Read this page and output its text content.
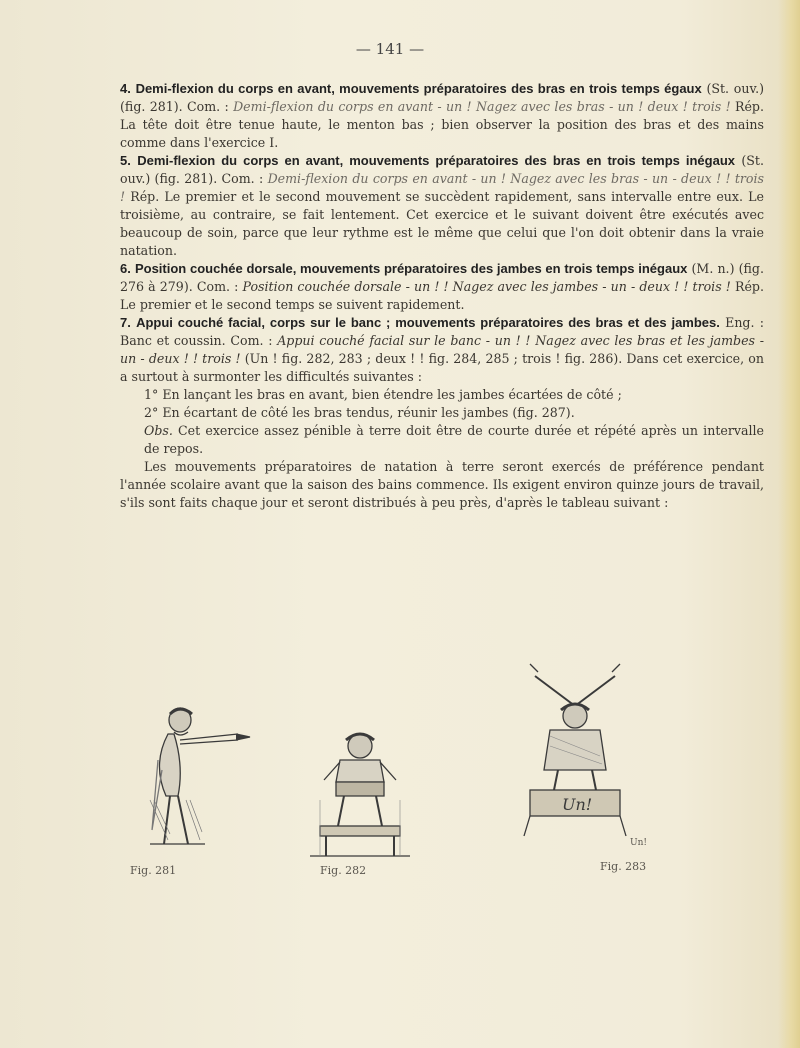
— 141 —

4. Demi-flexion du corps en avant, mouvements préparatoires des bras en trois temps égaux (St. ouv.) (fig. 281). Com. : Demi-flexion du corps en avant - un ! Nagez avec les bras - un ! deux ! trois ! Rép. La tête doit être tenue haute, le menton bas ; bien observer la position des bras et des mains comme dans l'exercice I.

5. Demi-flexion du corps en avant, mouvements préparatoires des bras en trois temps inégaux (St. ouv.) (fig. 281). Com. : Demi-flexion du corps en avant - un ! Nagez avec les bras - un - deux ! ! trois ! Rép. Le premier et le second mouvement se succèdent rapidement, sans intervalle entre eux. Le troisième, au contraire, se fait lentement. Cet exercice et le suivant doivent être exécutés avec beaucoup de soin, parce que leur rythme est le même que celui que l'on doit obtenir dans la vraie natation.

6. Position couchée dorsale, mouvements préparatoires des jambes en trois temps inégaux (M. n.) (fig. 276 à 279). Com. : Position couchée dorsale - un ! ! Nagez avec les jambes - un - deux ! ! trois ! Rép. Le premier et le second temps se suivent rapidement.

7. Appui couché facial, corps sur le banc ; mouvements préparatoires des bras et des jambes. Eng. : Banc et coussin. Com. : Appui couché facial sur le banc - un ! ! Nagez avec les bras et les jambes - un - deux ! ! trois ! (Un ! fig. 282, 283 ; deux ! ! fig. 284, 285 ; trois ! fig. 286). Dans cet exercice, on a surtout à surmonter les difficultés suivantes :

1° En lançant les bras en avant, bien étendre les jambes écartées de côté ;

2° En écartant de côté les bras tendus, réunir les jambes (fig. 287).

Obs. Cet exercice assez pénible à terre doit être de courte durée et répété après un intervalle de repos.

Les mouvements préparatoires de natation à terre seront exercés de préférence pendant l'année scolaire avant que la saison des bains commence. Ils exigent environ quinze jours de travail, s'ils sont faits chaque jour et seront distribués à peu près, d'après le tableau suivant :

Fig. 281	Fig. 282
Un!
Un!
Fig. 283
